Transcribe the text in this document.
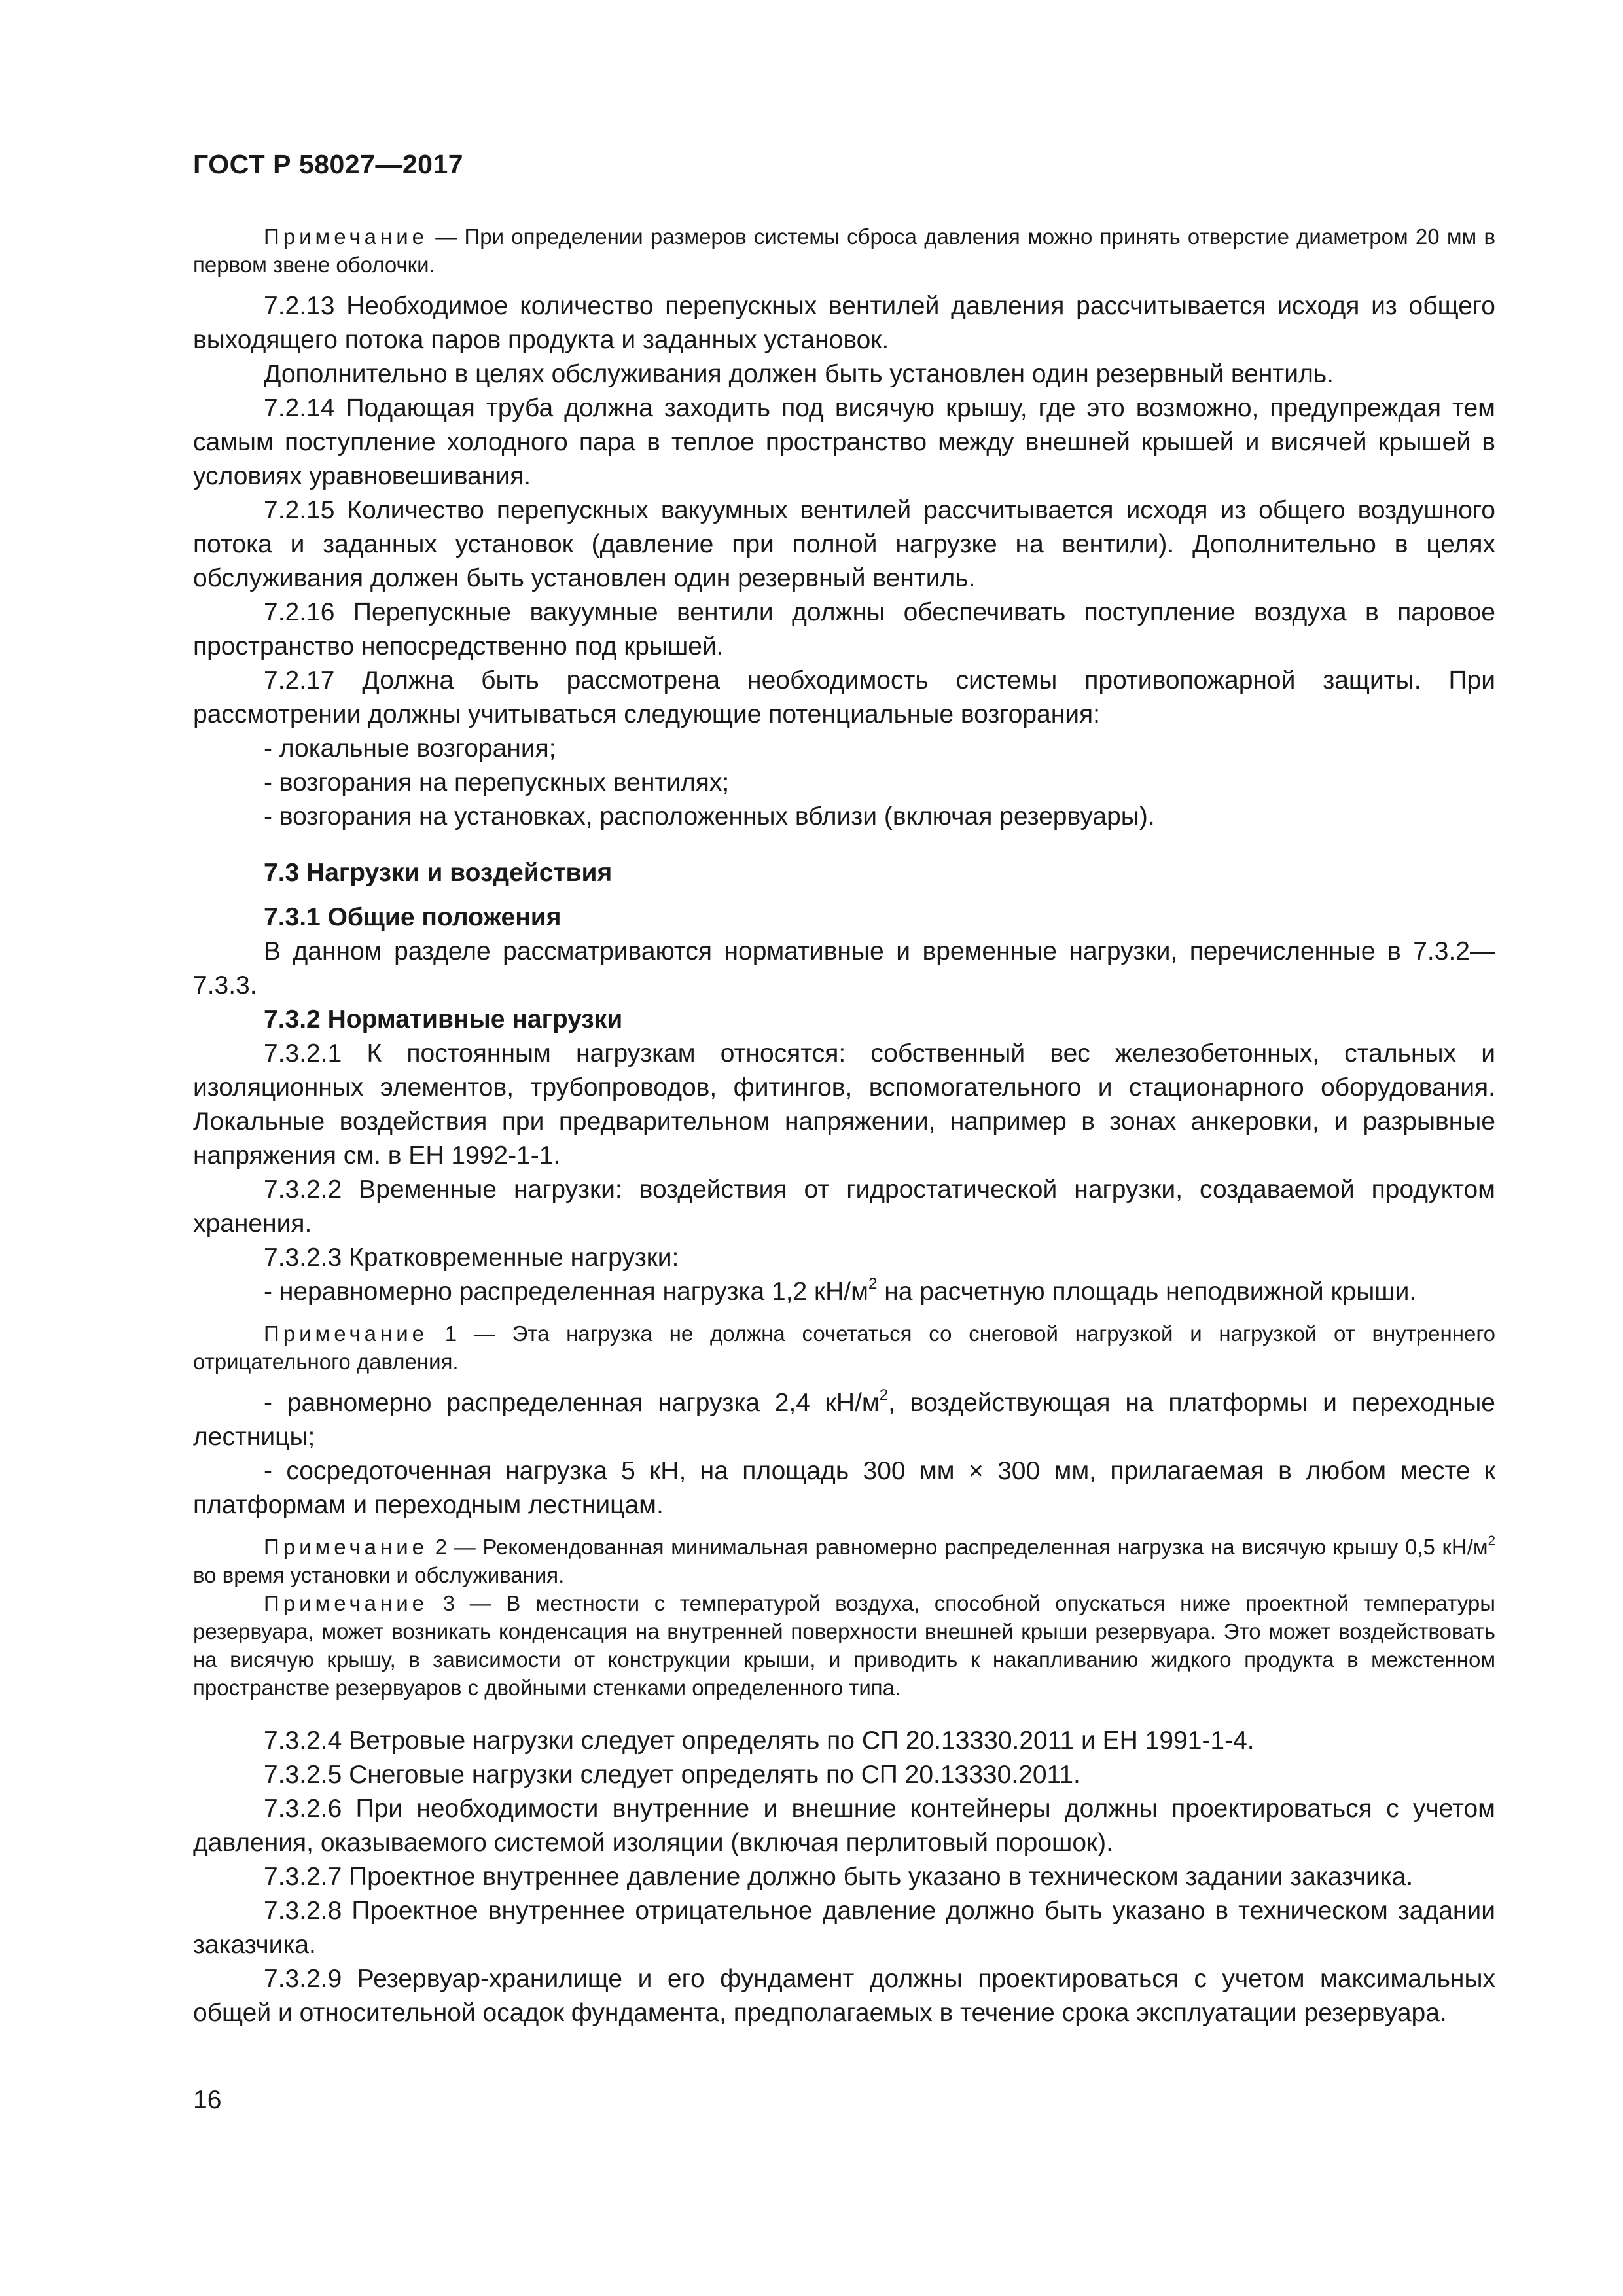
ГОСТ Р 58027—2017

Примечание — При определении размеров системы сброса давления можно принять отверстие диаметром 20 мм в первом звене оболочки.

7.2.13 Необходимое количество перепускных вентилей давления рассчитывается исходя из общего выходящего потока паров продукта и заданных установок.

Дополнительно в целях обслуживания должен быть установлен один резервный вентиль.

7.2.14 Подающая труба должна заходить под висячую крышу, где это возможно, предупреждая тем самым поступление холодного пара в теплое пространство между внешней крышей и висячей крышей в условиях уравновешивания.

7.2.15 Количество перепускных вакуумных вентилей рассчитывается исходя из общего воздушного потока и заданных установок (давление при полной нагрузке на вентили). Дополнительно в целях обслуживания должен быть установлен один резервный вентиль.

7.2.16 Перепускные вакуумные вентили должны обеспечивать поступление воздуха в паровое пространство непосредственно под крышей.

7.2.17 Должна быть рассмотрена необходимость системы противопожарной защиты. При рассмотрении должны учитываться следующие потенциальные возгорания:

- локальные возгорания;

- возгорания на перепускных вентилях;

- возгорания на установках, расположенных вблизи (включая резервуары).

7.3 Нагрузки и воздействия
7.3.1 Общие положения

В данном разделе рассматриваются нормативные и временные нагрузки, перечисленные в 7.3.2—7.3.3.

7.3.2 Нормативные нагрузки

7.3.2.1 К постоянным нагрузкам относятся: собственный вес железобетонных, стальных и изоляционных элементов, трубопроводов, фитингов, вспомогательного и стационарного оборудования. Локальные воздействия при предварительном напряжении, например в зонах анкеровки, и разрывные напряжения см. в ЕН 1992-1-1.

7.3.2.2 Временные нагрузки: воздействия от гидростатической нагрузки, создаваемой продуктом хранения.

7.3.2.3 Кратковременные нагрузки:

- неравномерно распределенная нагрузка 1,2 $кН/м^2$ на расчетную площадь неподвижной крыши.

Примечание 1 — Эта нагрузка не должна сочетаться со снеговой нагрузкой и нагрузкой от внутреннего отрицательного давления.

- равномерно распределенная нагрузка 2,4 $кН/м^2$, воздействующая на платформы и переходные лестницы;

- сосредоточенная нагрузка 5 кН, на площадь 300 мм × 300 мм, прилагаемая в любом месте к платформам и переходным лестницам.

Примечание 2 — Рекомендованная минимальная равномерно распределенная нагрузка на висячую крышу 0,5 $кН/м^2$ во время установки и обслуживания.

Примечание 3 — В местности с температурой воздуха, способной опускаться ниже проектной температуры резервуара, может возникать конденсация на внутренней поверхности внешней крыши резервуара. Это может воздействовать на висячую крышу, в зависимости от конструкции крыши, и приводить к накапливанию жидкого продукта в межстенном пространстве резервуаров с двойными стенками определенного типа.

7.3.2.4 Ветровые нагрузки следует определять по СП 20.13330.2011 и ЕН 1991-1-4.

7.3.2.5 Снеговые нагрузки следует определять по СП 20.13330.2011.

7.3.2.6 При необходимости внутренние и внешние контейнеры должны проектироваться с учетом давления, оказываемого системой изоляции (включая перлитовый порошок).

7.3.2.7 Проектное внутреннее давление должно быть указано в техническом задании заказчика.

7.3.2.8 Проектное внутреннее отрицательное давление должно быть указано в техническом задании заказчика.

7.3.2.9 Резервуар-хранилище и его фундамент должны проектироваться с учетом максимальных общей и относительной осадок фундамента, предполагаемых в течение срока эксплуатации резервуара.

16
